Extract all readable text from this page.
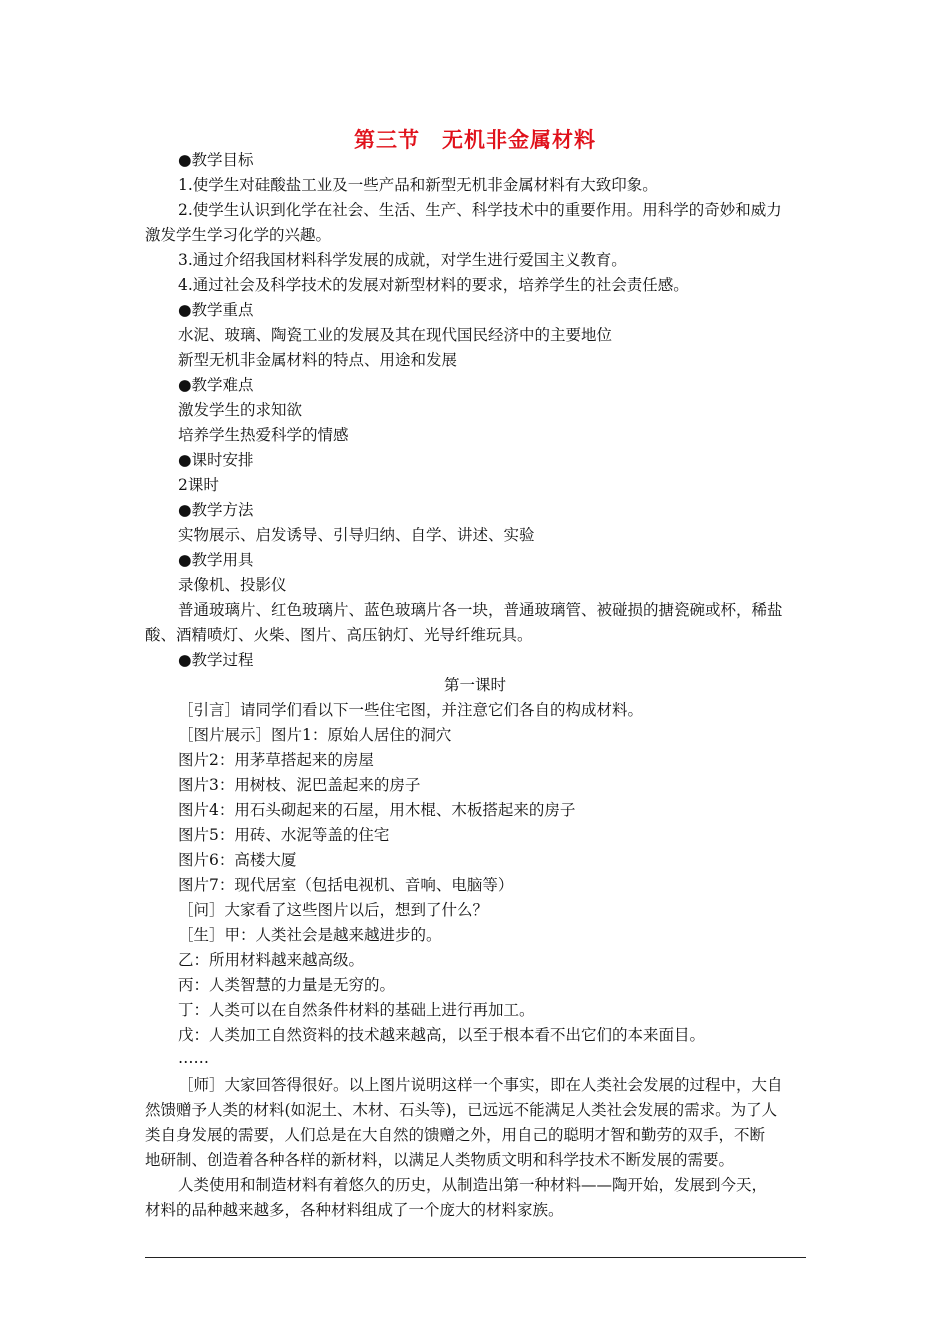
第三节　无机非金属材料
●教学目标
1.使学生对硅酸盐工业及一些产品和新型无机非金属材料有大致印象。
2.使学生认识到化学在社会、生活、生产、科学技术中的重要作用。用科学的奇妙和威力
激发学生学习化学的兴趣。
3.通过介绍我国材料科学发展的成就，对学生进行爱国主义教育。
4.通过社会及科学技术的发展对新型材料的要求，培养学生的社会责任感。
●教学重点
水泥、玻璃、陶瓷工业的发展及其在现代国民经济中的主要地位
新型无机非金属材料的特点、用途和发展
●教学难点
激发学生的求知欲
培养学生热爱科学的情感
●课时安排
2课时
●教学方法
实物展示、启发诱导、引导归纳、自学、讲述、实验
●教学用具
录像机、投影仪
普通玻璃片、红色玻璃片、蓝色玻璃片各一块，普通玻璃管、被碰损的搪瓷碗或杯，稀盐
酸、酒精喷灯、火柴、图片、高压钠灯、光导纤维玩具。
●教学过程
第一课时
［引言］请同学们看以下一些住宅图，并注意它们各自的构成材料。
［图片展示］图片1：原始人居住的洞穴
图片2：用茅草搭起来的房屋
图片3：用树枝、泥巴盖起来的房子
图片4：用石头砌起来的石屋，用木棍、木板搭起来的房子
图片5：用砖、水泥等盖的住宅
图片6：高楼大厦
图片7：现代居室（包括电视机、音响、电脑等）
［问］大家看了这些图片以后，想到了什么？
［生］甲：人类社会是越来越进步的。
乙：所用材料越来越高级。
丙：人类智慧的力量是无穷的。
丁：人类可以在自然条件材料的基础上进行再加工。
戊：人类加工自然资料的技术越来越高，以至于根本看不出它们的本来面目。
……
［师］大家回答得很好。以上图片说明这样一个事实，即在人类社会发展的过程中，大自
然馈赠予人类的材料(如泥土、木材、石头等)，已远远不能满足人类社会发展的需求。为了人
类自身发展的需要，人们总是在大自然的馈赠之外，用自己的聪明才智和勤劳的双手，不断
地研制、创造着各种各样的新材料，以满足人类物质文明和科学技术不断发展的需要。
人类使用和制造材料有着悠久的历史，从制造出第一种材料——陶开始，发展到今天，
材料的品种越来越多，各种材料组成了一个庞大的材料家族。
